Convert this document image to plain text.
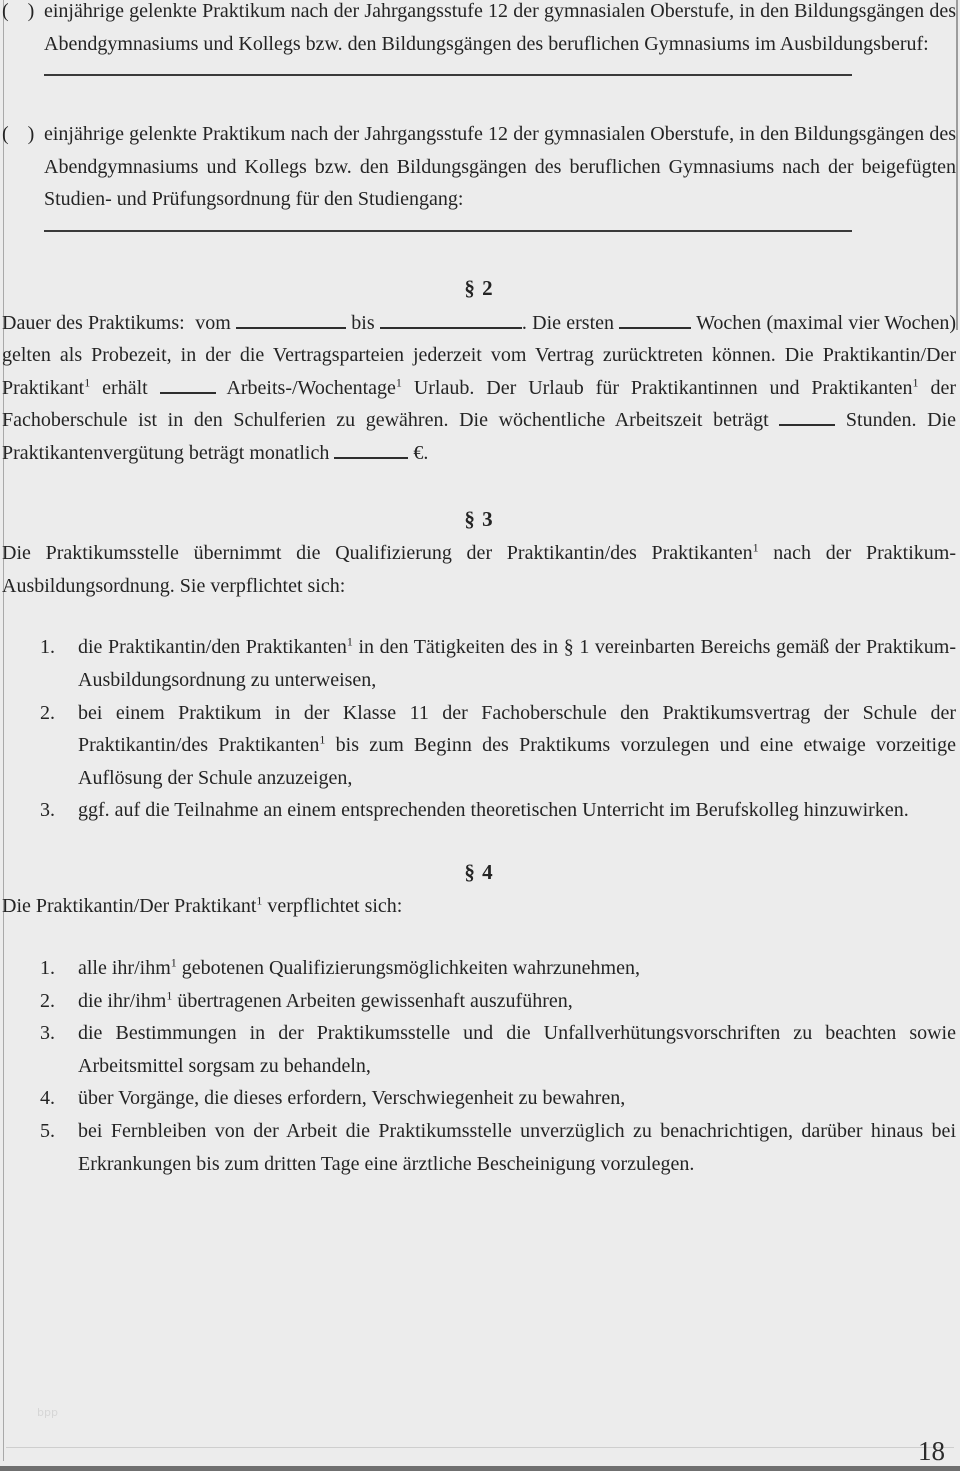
( ) einjährige gelenkte Praktikum nach der Jahrgangsstufe 12 der gymnasialen Oberstufe, in den Bildungsgängen des Abendgymnasiums und Kollegs bzw. den Bildungsgängen des beruflichen Gymnasiums im Ausbildungsberuf:

( ) einjährige gelenkte Praktikum nach der Jahrgangsstufe 12 der gymnasialen Oberstufe, in den Bildungsgängen des Abendgymnasiums und Kollegs bzw. den Bildungsgängen des beruflichen Gymnasiums nach der beigefügten Studien- und Prüfungsordnung für den Studiengang:

§ 2

Dauer des Praktikums:  vom	bis	. Die ersten	Wochen (maximal vier Wochen) gelten als Probezeit, in der die Vertragsparteien jederzeit vom Vertrag zurücktreten können. Die Praktikantin/Der Praktikant$^1$ erhält	Arbeits-/Wochentage$^1$ Urlaub. Der Urlaub für Praktikantinnen und Praktikanten$^1$ der Fachoberschule ist in den Schulferien zu gewähren. Die wöchentliche Arbeitszeit beträgt	Stunden. Die Praktikantenvergütung beträgt monatlich	€.

§ 3

Die Praktikumsstelle übernimmt die Qualifizierung der Praktikantin/des Praktikanten$^1$ nach der Praktikum-Ausbildungsordnung. Sie verpflichtet sich:

1. die Praktikantin/den Praktikanten$^1$ in den Tätigkeiten des in § 1 vereinbarten Bereichs gemäß der Praktikum-Ausbildungsordnung zu unterweisen,

2. bei einem Praktikum in der Klasse 11 der Fachoberschule den Praktikumsvertrag der Schule der Praktikantin/des Praktikanten$^1$ bis zum Beginn des Praktikums vorzulegen und eine etwaige vorzeitige Auflösung der Schule anzuzeigen,

3. ggf. auf die Teilnahme an einem entsprechenden theoretischen Unterricht im Berufskolleg hinzuwirken.

§ 4

Die Praktikantin/Der Praktikant$^1$ verpflichtet sich:

1. alle ihr/ihm$^1$ gebotenen Qualifizierungsmöglichkeiten wahrzunehmen,

2. die ihr/ihm$^1$ übertragenen Arbeiten gewissenhaft auszuführen,

3. die Bestimmungen in der Praktikumsstelle und die Unfallverhütungsvorschriften zu beachten sowie Arbeitsmittel sorgsam zu behandeln,

4. über Vorgänge, die dieses erfordern, Verschwiegenheit zu bewahren,

5. bei Fernbleiben von der Arbeit die Praktikumsstelle unverzüglich zu benachrichtigen, darüber hinaus bei Erkrankungen bis zum dritten Tage eine ärztliche Bescheinigung vorzulegen.

bpp
18
